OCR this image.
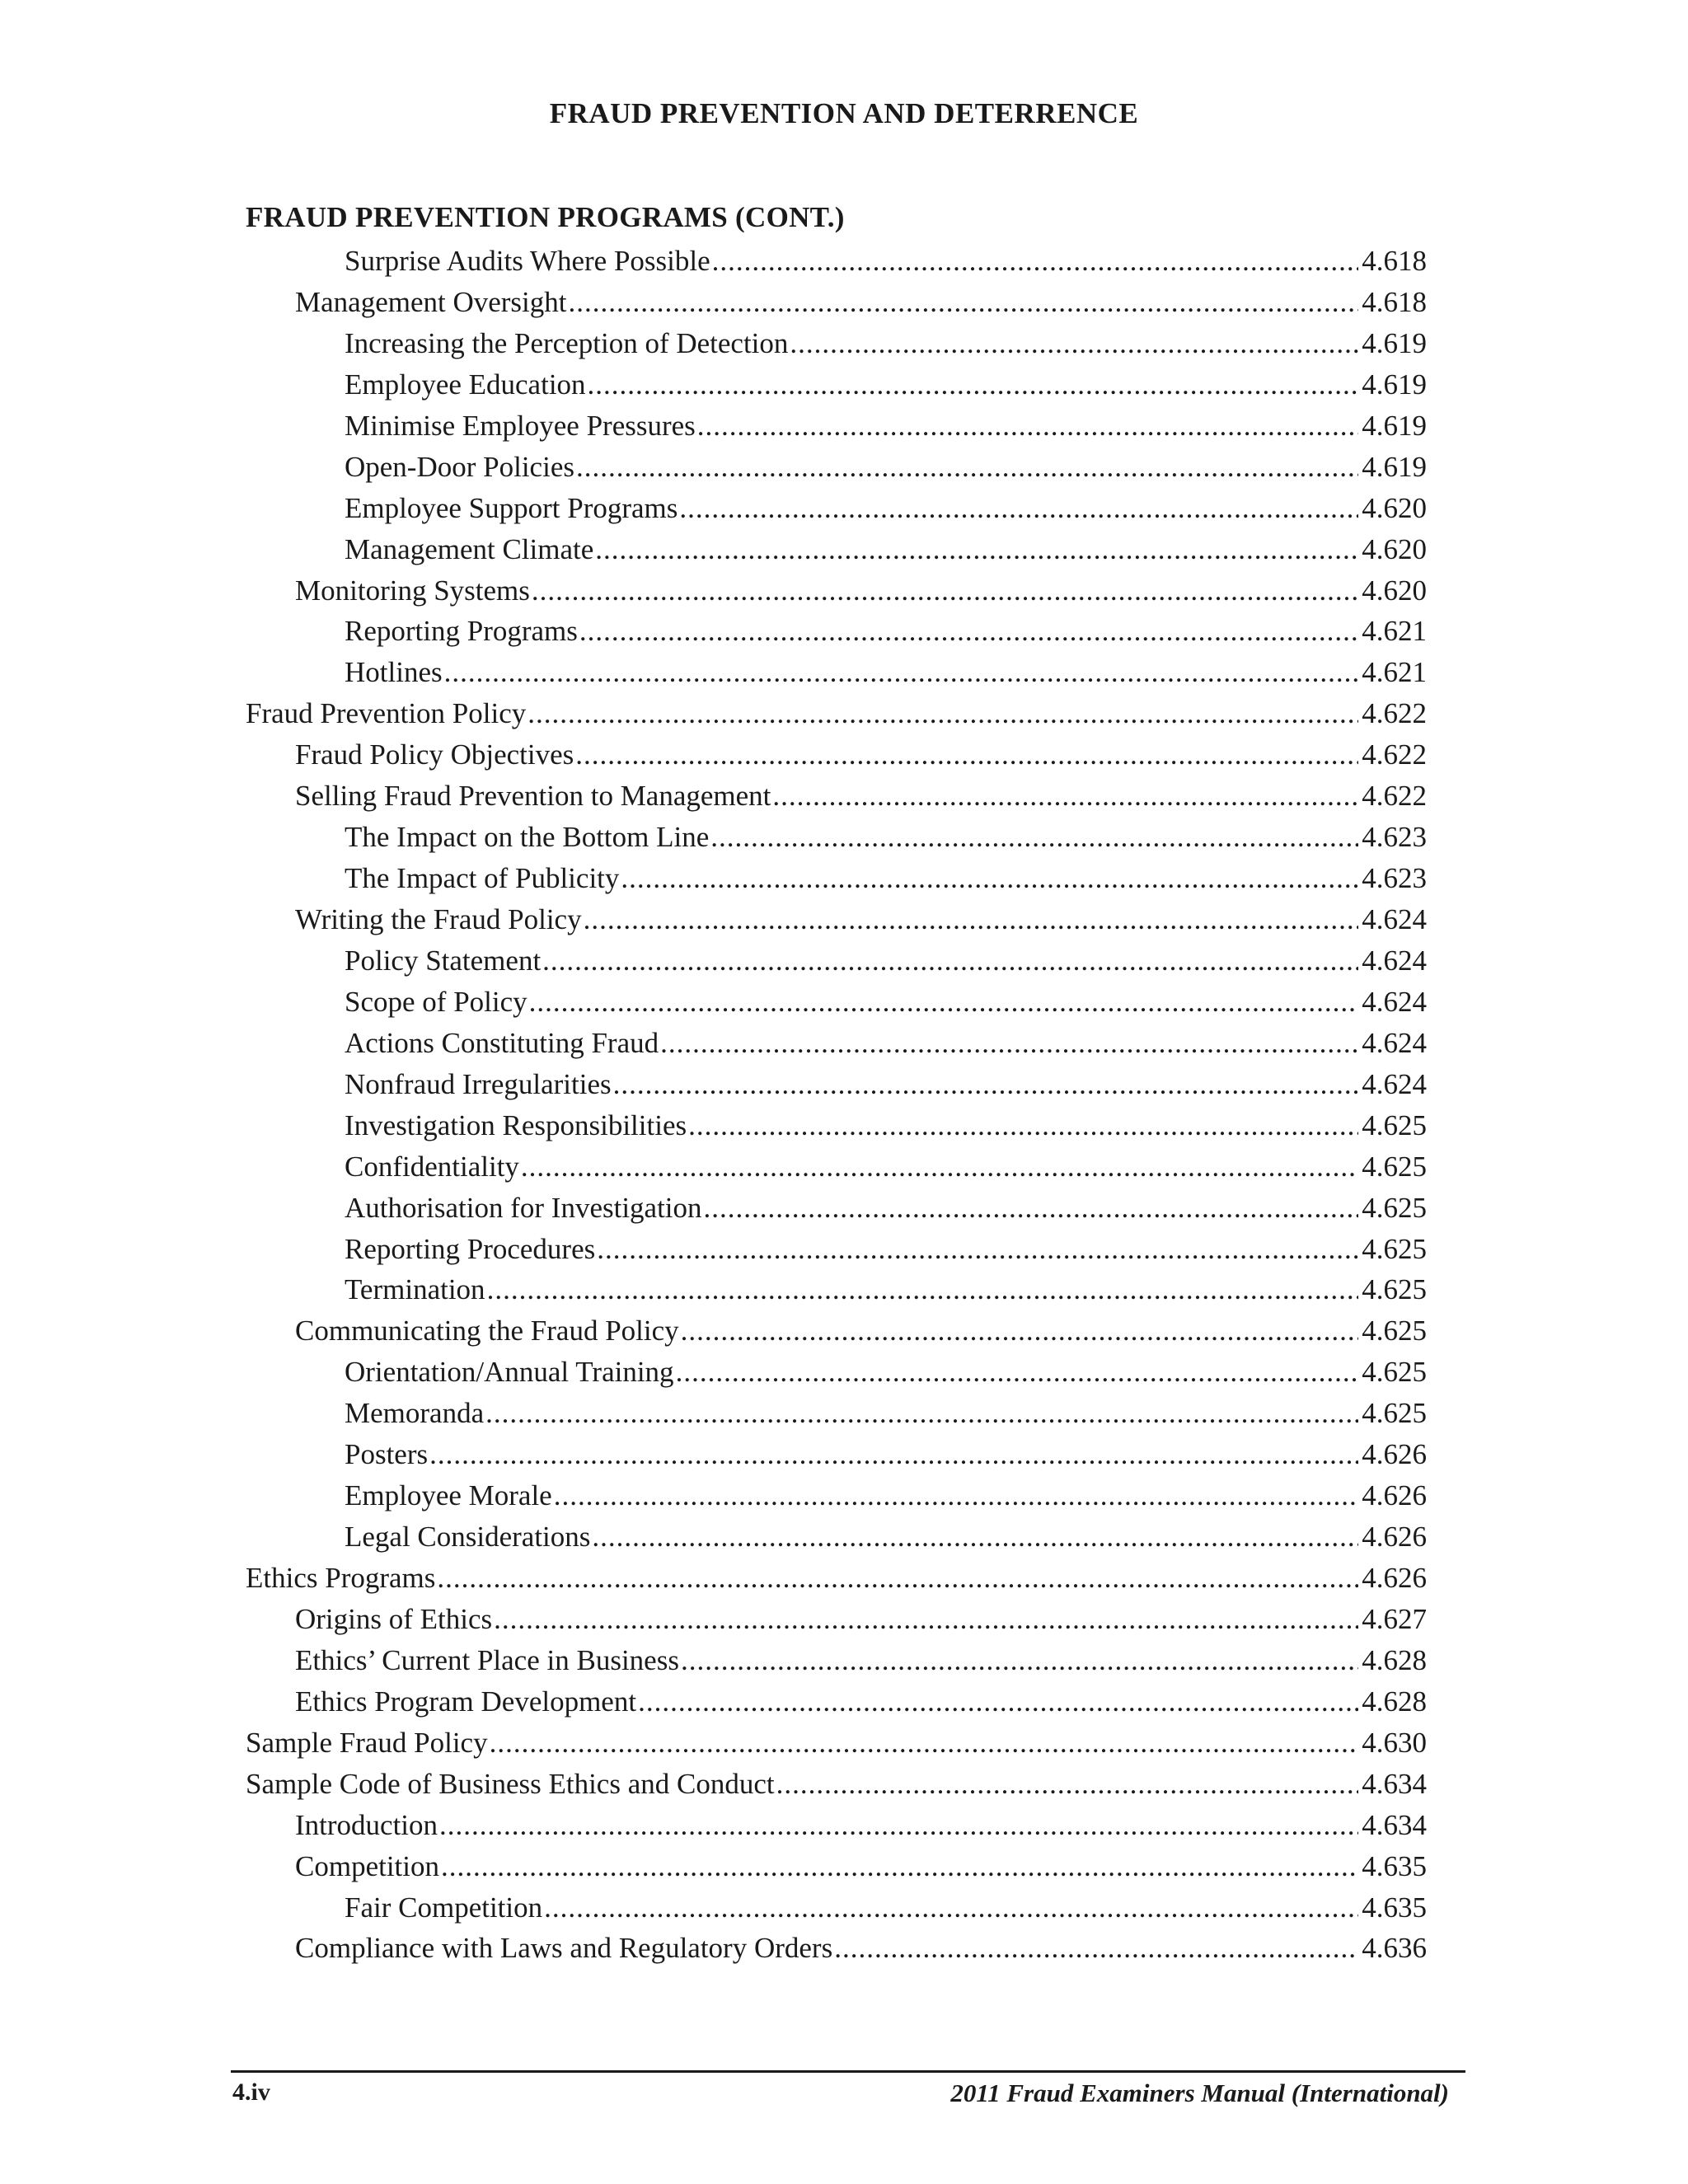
FRAUD PREVENTION AND DETERRENCE
FRAUD PREVENTION PROGRAMS (CONT.)
Surprise Audits Where Possible .....	4.618
Management Oversight .....	4.618
Increasing the Perception of Detection .....	4.619
Employee Education .....	4.619
Minimise Employee Pressures .....	4.619
Open-Door Policies .....	4.619
Employee Support Programs .....	4.620
Management Climate .....	4.620
Monitoring Systems .....	4.620
Reporting Programs .....	4.621
Hotlines .....	4.621
Fraud Prevention Policy .....	4.622
Fraud Policy Objectives .....	4.622
Selling Fraud Prevention to Management .....	4.622
The Impact on the Bottom Line .....	4.623
The Impact of Publicity .....	4.623
Writing the Fraud Policy .....	4.624
Policy Statement .....	4.624
Scope of Policy .....	4.624
Actions Constituting Fraud .....	4.624
Nonfraud Irregularities .....	4.624
Investigation Responsibilities .....	4.625
Confidentiality .....	4.625
Authorisation for Investigation .....	4.625
Reporting Procedures .....	4.625
Termination .....	4.625
Communicating the Fraud Policy .....	4.625
Orientation/Annual Training .....	4.625
Memoranda .....	4.625
Posters .....	4.626
Employee Morale .....	4.626
Legal Considerations .....	4.626
Ethics Programs .....	4.626
Origins of Ethics .....	4.627
Ethics’ Current Place in Business .....	4.628
Ethics Program Development .....	4.628
Sample Fraud Policy .....	4.630
Sample Code of Business Ethics and Conduct .....	4.634
Introduction .....	4.634
Competition .....	4.635
Fair Competition .....	4.635
Compliance with Laws and Regulatory Orders .....	4.636
4.iv	2011 Fraud Examiners Manual (International)
